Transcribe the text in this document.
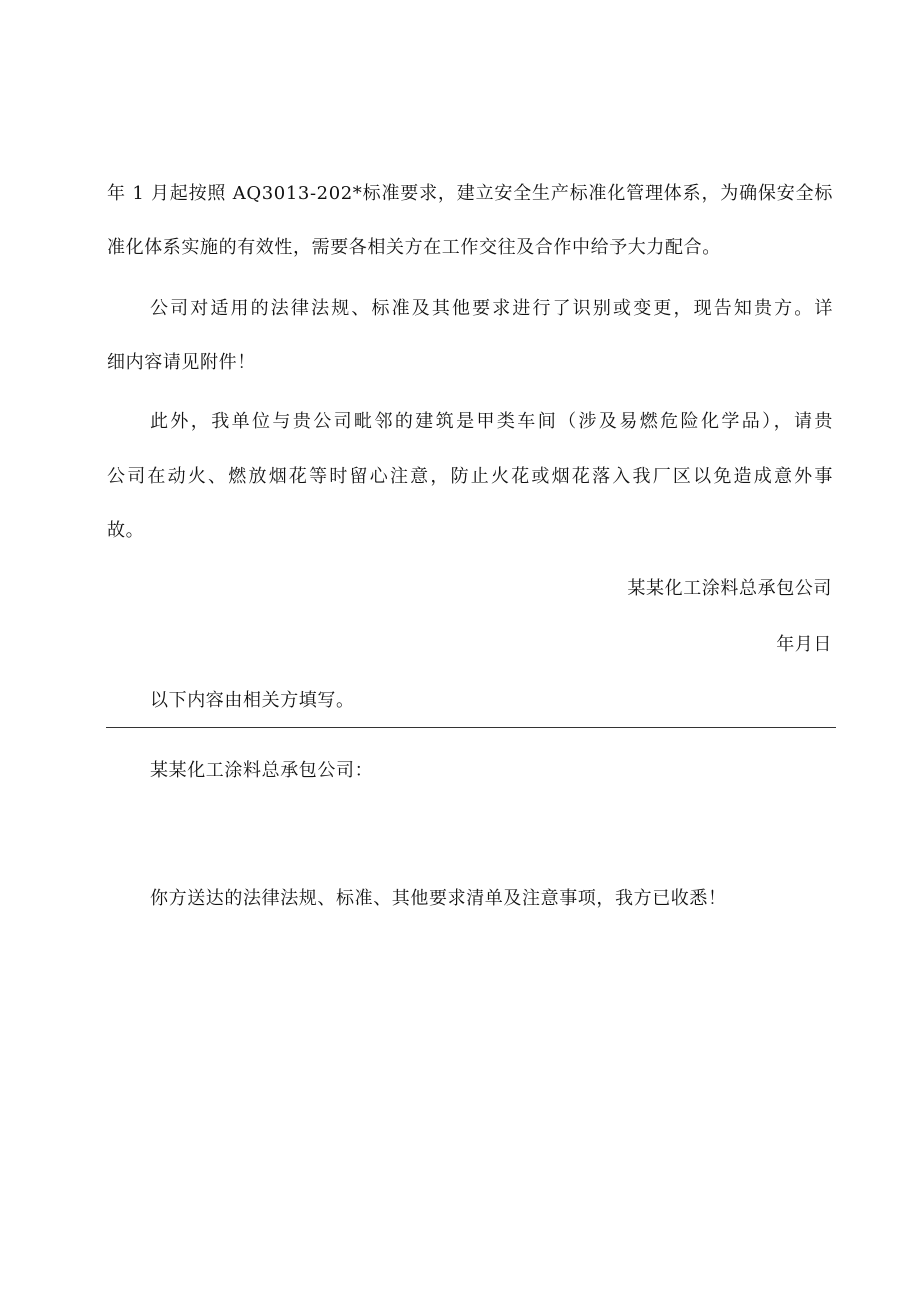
年 1 月起按照 AQ3013-202*标准要求，建立安全生产标准化管理体系，为确保安全标
准化体系实施的有效性，需要各相关方在工作交往及合作中给予大力配合。
公司对适用的法律法规、标准及其他要求进行了识别或变更，现告知贵方。详
细内容请见附件！
此外，我单位与贵公司毗邻的建筑是甲类车间（涉及易燃危险化学品），请贵
公司在动火、燃放烟花等时留心注意，防止火花或烟花落入我厂区以免造成意外事
故。
某某化工涂料总承包公司
年月日
以下内容由相关方填写。
某某化工涂料总承包公司：
你方送达的法律法规、标准、其他要求清单及注意事项，我方已收悉！
